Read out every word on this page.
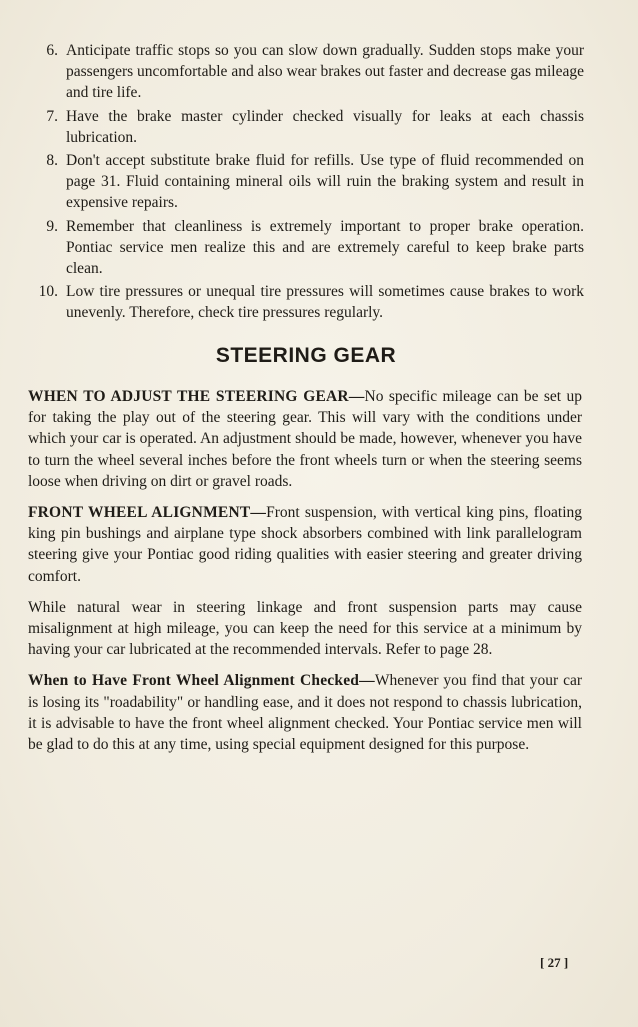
6. Anticipate traffic stops so you can slow down gradually. Sudden stops make your passengers uncomfortable and also wear brakes out faster and decrease gas mileage and tire life.
7. Have the brake master cylinder checked visually for leaks at each chassis lubrication.
8. Don't accept substitute brake fluid for refills. Use type of fluid recommended on page 31. Fluid containing mineral oils will ruin the braking system and result in expensive repairs.
9. Remember that cleanliness is extremely important to proper brake operation. Pontiac service men realize this and are extremely careful to keep brake parts clean.
10. Low tire pressures or unequal tire pressures will sometimes cause brakes to work unevenly. Therefore, check tire pressures regularly.
STEERING GEAR

WHEN TO ADJUST THE STEERING GEAR—No specific mileage can be set up for taking the play out of the steering gear. This will vary with the conditions under which your car is operated. An adjustment should be made, however, whenever you have to turn the wheel several inches before the front wheels turn or when the steering seems loose when driving on dirt or gravel roads.

FRONT WHEEL ALIGNMENT—Front suspension, with vertical king pins, floating king pin bushings and airplane type shock absorbers combined with link parallelogram steering give your Pontiac good riding qualities with easier steering and greater driving comfort.

While natural wear in steering linkage and front suspension parts may cause misalignment at high mileage, you can keep the need for this service at a minimum by having your car lubricated at the recommended intervals. Refer to page 28.

When to Have Front Wheel Alignment Checked—Whenever you find that your car is losing its "roadability" or handling ease, and it does not respond to chassis lubrication, it is advisable to have the front wheel alignment checked. Your Pontiac service men will be glad to do this at any time, using special equipment designed for this purpose.

[ 27 ]
